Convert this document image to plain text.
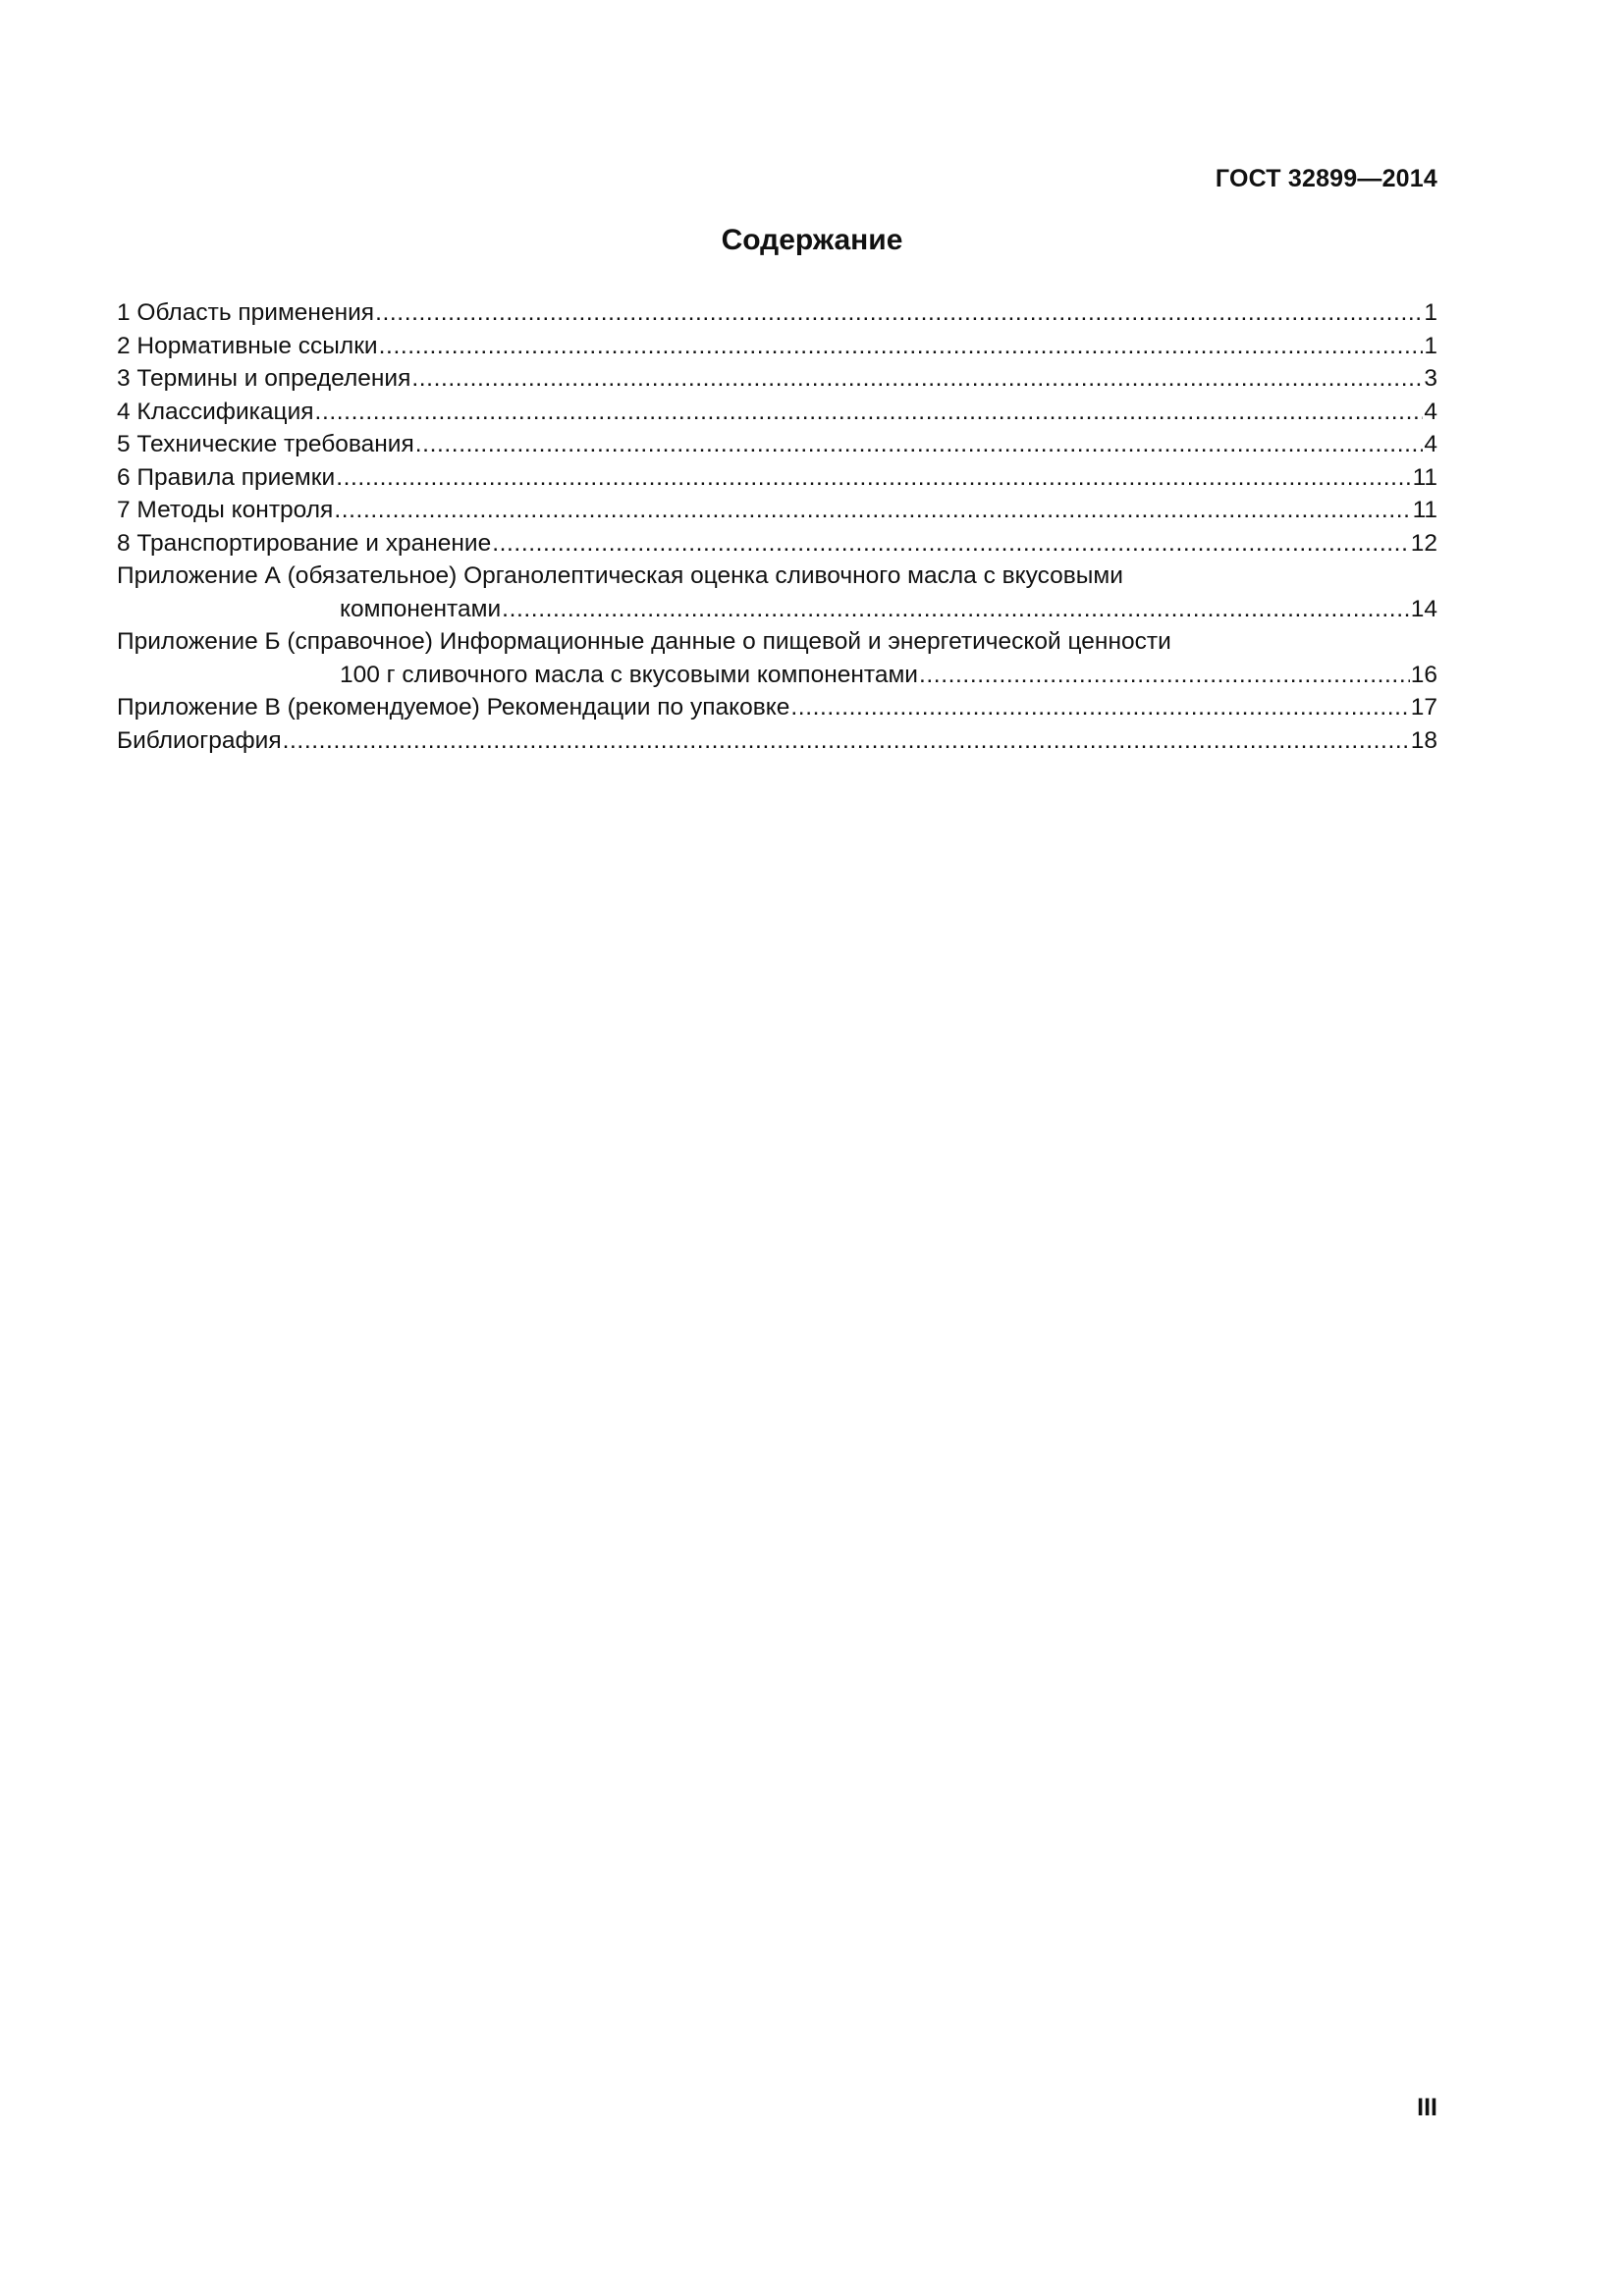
ГОСТ 32899—2014
Содержание
1 Область применения .....	1
2 Нормативные ссылки .....	1
3 Термины и определения .....	3
4 Классификация .....	4
5 Технические требования .....	4
6 Правила приемки .....	11
7 Методы контроля .....	11
8 Транспортирование и хранение .....	12
Приложение А (обязательное) Органолептическая оценка сливочного масла с вкусовыми
компонентами .....	14
Приложение Б (справочное) Информационные данные о пищевой и энергетической ценности
100 г сливочного масла с вкусовыми компонентами .....	16
Приложение В (рекомендуемое) Рекомендации по упаковке .....	17
Библиография .....	18
III
